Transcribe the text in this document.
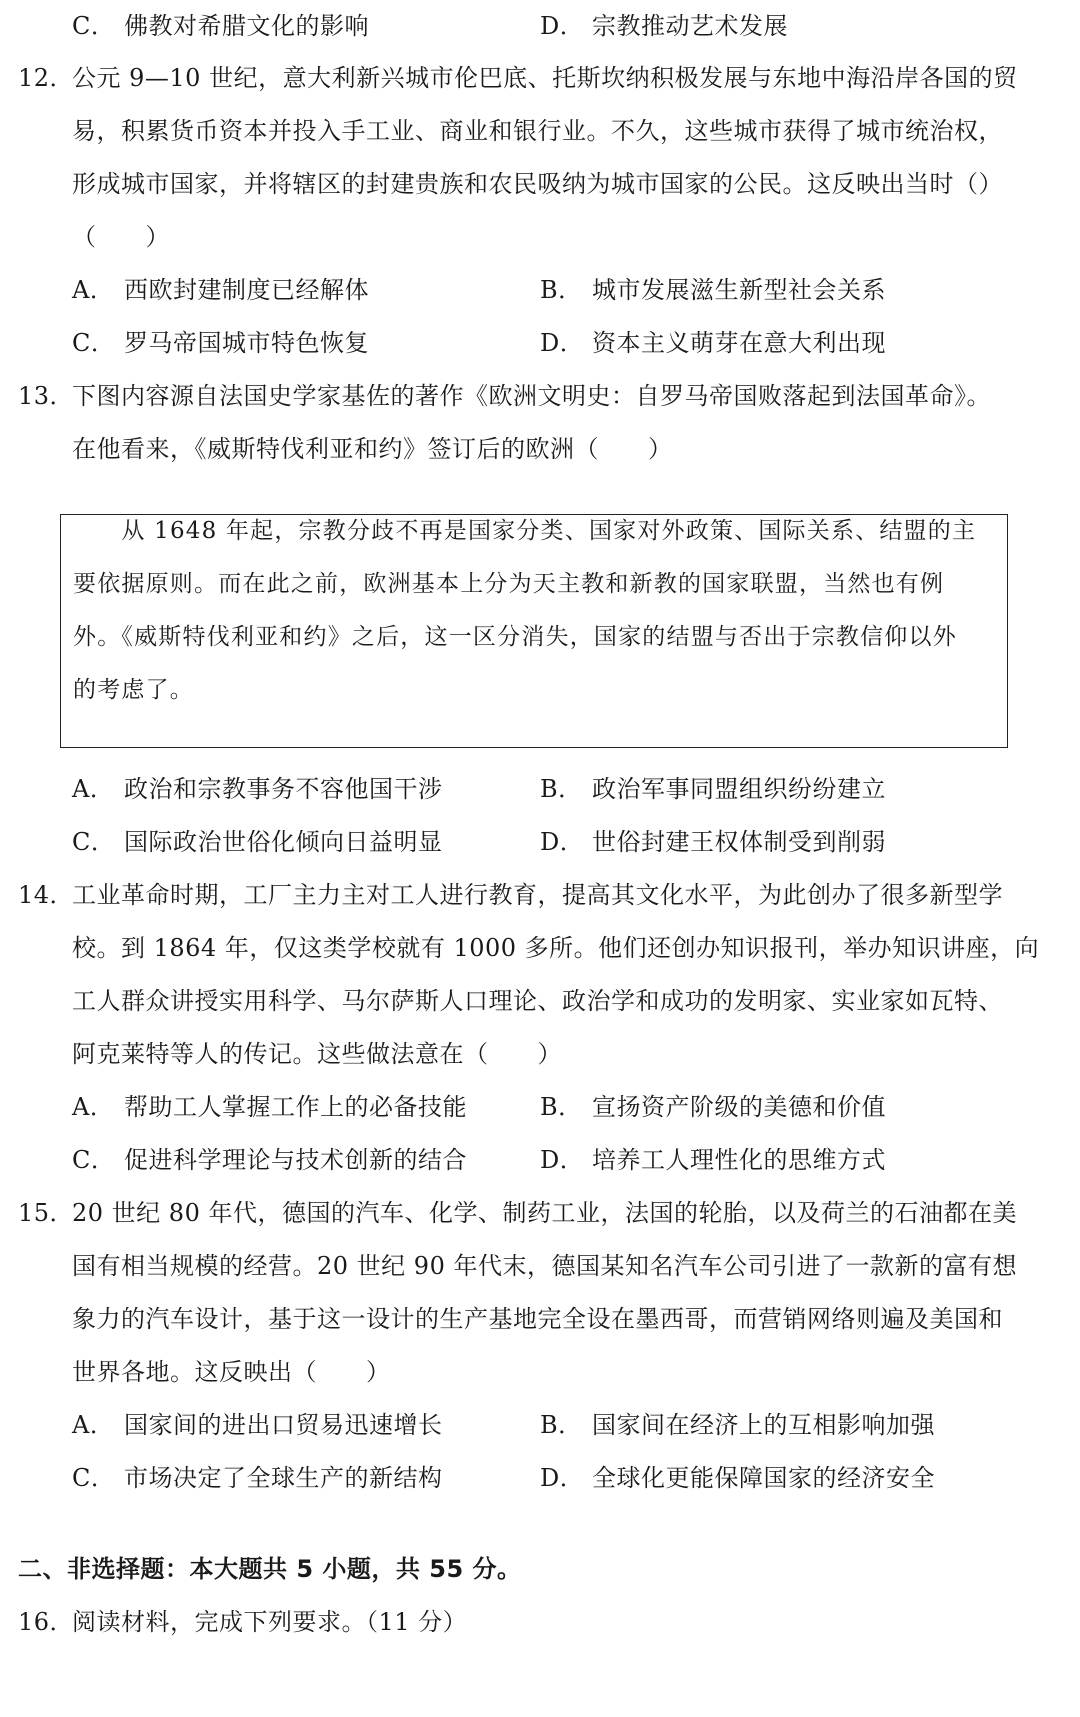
C． 佛教对希腊文化的影响	D． 宗教推动艺术发展
12．
公元 9—10 世纪，意大利新兴城市伦巴底、托斯坎纳积极发展与东地中海沿岸各国的贸
易，积累货币资本并投入手工业、商业和银行业。不久，这些城市获得了城市统治权，
形成城市国家，并将辖区的封建贵族和农民吸纳为城市国家的公民。这反映出当时（）
（　　）
A． 西欧封建制度已经解体	B． 城市发展滋生新型社会关系
C． 罗马帝国城市特色恢复	D． 资本主义萌芽在意大利出现
13．
下图内容源自法国史学家基佐的著作《欧洲文明史：自罗马帝国败落起到法国革命》。
在他看来，《威斯特伐利亚和约》签订后的欧洲（　　）
　　从 1648 年起，宗教分歧不再是国家分类、国家对外政策、国际关系、结盟的主
要依据原则。而在此之前，欧洲基本上分为天主教和新教的国家联盟，当然也有例
外。《威斯特伐利亚和约》之后，这一区分消失，国家的结盟与否出于宗教信仰以外
的考虑了。
A． 政治和宗教事务不容他国干涉	B． 政治军事同盟组织纷纷建立
C． 国际政治世俗化倾向日益明显	D． 世俗封建王权体制受到削弱
14．
工业革命时期，工厂主力主对工人进行教育，提高其文化水平，为此创办了很多新型学
校。到 1864 年，仅这类学校就有 1000 多所。他们还创办知识报刊，举办知识讲座，向
工人群众讲授实用科学、马尔萨斯人口理论、政治学和成功的发明家、实业家如瓦特、
阿克莱特等人的传记。这些做法意在（　　）
A． 帮助工人掌握工作上的必备技能	B． 宣扬资产阶级的美德和价值
C． 促进科学理论与技术创新的结合	D． 培养工人理性化的思维方式
15．
20 世纪 80 年代，德国的汽车、化学、制药工业，法国的轮胎，以及荷兰的石油都在美
国有相当规模的经营。20 世纪 90 年代末，德国某知名汽车公司引进了一款新的富有想
象力的汽车设计，基于这一设计的生产基地完全设在墨西哥，而营销网络则遍及美国和
世界各地。这反映出（　　）
A． 国家间的进出口贸易迅速增长	B． 国家间在经济上的互相影响加强
C． 市场决定了全球生产的新结构	D． 全球化更能保障国家的经济安全
二、非选择题：本大题共 5 小题，共 55 分。
16．
阅读材料，完成下列要求。（11 分）
